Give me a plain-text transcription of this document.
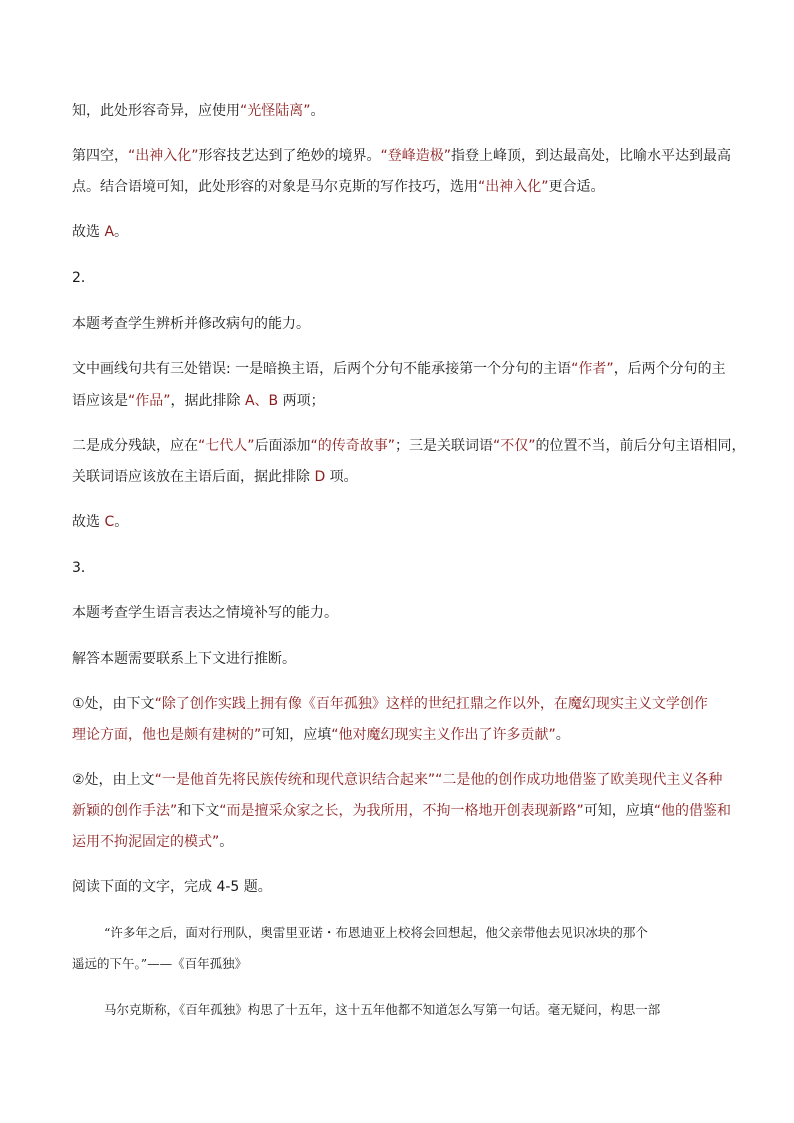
知，此处形容奇异，应使用“光怪陆离”。

第四空，“出神入化”形容技艺达到了绝妙的境界。“登峰造极”指登上峰顶，到达最高处，比喻水平达到最高

点。结合语境可知，此处形容的对象是马尔克斯的写作技巧，选用“出神入化”更合适。

故选 A。

2．

本题考查学生辨析并修改病句的能力。

文中画线句共有三处错误: 一是暗换主语，后两个分句不能承接第一个分句的主语“作者”，后两个分句的主

语应该是“作品”，据此排除 A、B 两项；

二是成分残缺，应在“七代人”后面添加“的传奇故事”；三是关联词语“不仅”的位置不当，前后分句主语相同，

关联词语应该放在主语后面，据此排除 D 项。

故选 C。

3．

本题考查学生语言表达之情境补写的能力。

解答本题需要联系上下文进行推断。

①处，由下文“除了创作实践上拥有像《百年孤独》这样的世纪扛鼎之作以外，在魔幻现实主义文学创作

理论方面，他也是颇有建树的”可知，应填“他对魔幻现实主义作出了许多贡献”。

②处，由上文“一是他首先将民族传统和现代意识结合起来”“二是他的创作成功地借鉴了欧美现代主义各种

新颖的创作手法”和下文“而是擅采众家之长，为我所用，不拘一格地开创表现新路”可知，应填“他的借鉴和

运用不拘泥固定的模式”。

阅读下面的文字，完成 4-5 题。

“许多年之后，面对行刑队，奥雷里亚诺・布恩迪亚上校将会回想起，他父亲带他去见识冰块的那个

遥远的下午。”——《百年孤独》

马尔克斯称，《百年孤独》构思了十五年，这十五年他都不知道怎么写第一句话。毫无疑问，构思一部
